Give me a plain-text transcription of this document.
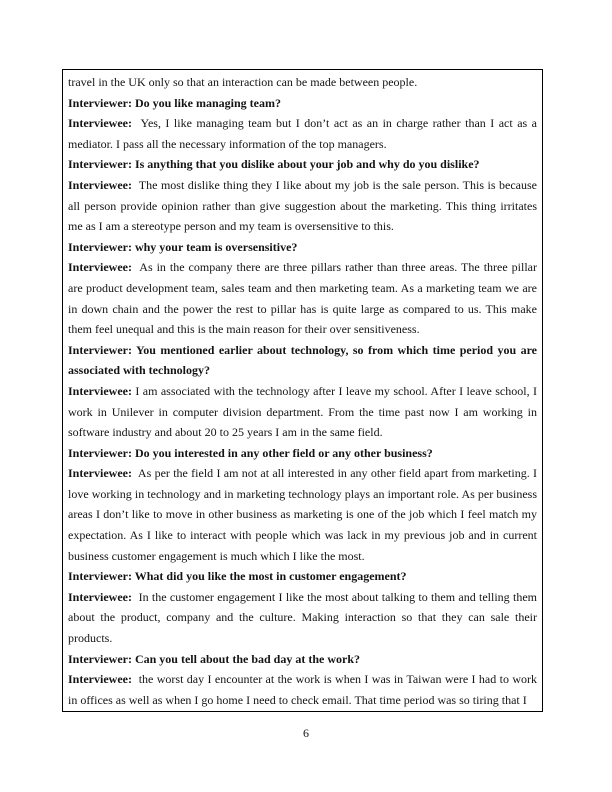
travel in the UK only so that an interaction can be made between people.

Interviewer: Do you like managing team?

Interviewee:  Yes, I like managing team but I don’t act as an in charge rather than I act as a mediator. I pass all the necessary information of the top managers.

Interviewer: Is anything that you dislike about your job and why do you dislike?

Interviewee:  The most dislike thing they I like about my job is the sale person. This is because all person provide opinion rather than give suggestion about the marketing. This thing irritates me as I am a stereotype person and my team is oversensitive to this.

Interviewer: why your team is oversensitive?

Interviewee:  As in the company there are three pillars rather than three areas. The three pillar are product development team, sales team and then marketing team. As a marketing team we are in down chain and the power the rest to pillar has is quite large as compared to us. This make them feel unequal and this is the main reason for their over sensitiveness.

Interviewer: You mentioned earlier about technology, so from which time period you are associated with technology?

Interviewee: I am associated with the technology after I leave my school. After I leave school, I work in Unilever in computer division department. From the time past now I am working in software industry and about 20 to 25 years I am in the same field.

Interviewer: Do you interested in any other field or any other business?

Interviewee:  As per the field I am not at all interested in any other field apart from marketing. I love working in technology and in marketing technology plays an important role. As per business areas I don’t like to move in other business as marketing is one of the job which I feel match my expectation. As I like to interact with people which was lack in my previous job and in current business customer engagement is much which I like the most.

Interviewer: What did you like the most in customer engagement?

Interviewee:  In the customer engagement I like the most about talking to them and telling them about the product, company and the culture. Making interaction so that they can sale their products.

Interviewer: Can you tell about the bad day at the work?

Interviewee:  the worst day I encounter at the work is when I was in Taiwan were I had to work in offices as well as when I go home I need to check email. That time period was so tiring that I

6
